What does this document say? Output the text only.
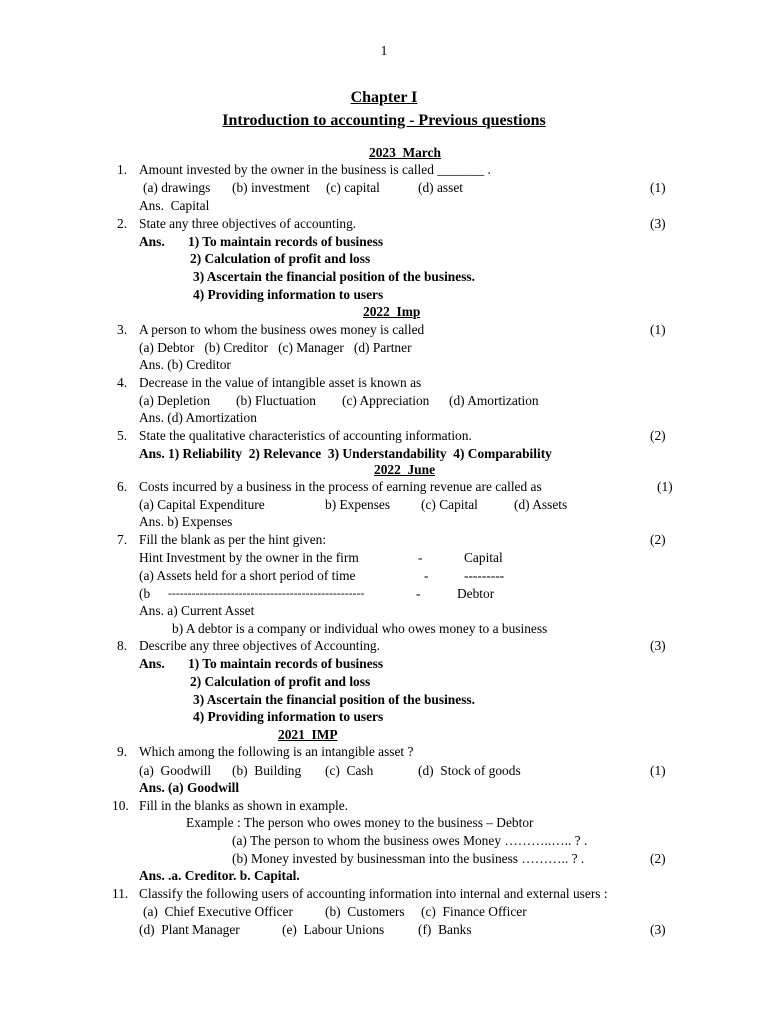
1
Chapter I
Introduction to accounting - Previous questions
2023  March
1. Amount invested by the owner in the business is called _______ .
(a) drawings (b) investment (c) capital	(d) asset	(1)
Ans.  Capital
2. State any three objectives of accounting.	(3)
Ans. 1) To maintain records of business
2) Calculation of profit and loss
3) Ascertain the financial position of the business.
4) Providing information to users
2022  Imp
3. A person to whom the business owes money is called	(1)
(a) Debtor   (b) Creditor   (c) Manager   (d) Partner
Ans. (b) Creditor
4. Decrease in the value of intangible asset is known as
(a) Depletion (b) Fluctuation (c) Appreciation (d) Amortization
Ans. (d) Amortization
5. State the qualitative characteristics of accounting information.	(2)
Ans. 1) Reliability  2) Relevance  3) Understandability  4) Comparability
2022  June
6. Costs incurred by a business in the process of earning revenue are called as	(1)
(a) Capital Expenditure	b) Expenses (c) Capital	(d) Assets
Ans. b) Expenses
7. Fill the blank as per the hint given:	(2)
Hint Investment by the owner in the firm	-	Capital
(a) Assets held for a short period of time	-	---------
(b --------------------------------------------------	-	Debtor
Ans. a) Current Asset
b) A debtor is a company or individual who owes money to a business
8. Describe any three objectives of Accounting.	(3)
Ans. 1) To maintain records of business
2) Calculation of profit and loss
3) Ascertain the financial position of the business.
4) Providing information to users
2021  IMP
9. Which among the following is an intangible asset ?
(a)  Goodwill (b)  Building (c)  Cash	(d)  Stock of goods	(1)
Ans. (a) Goodwill
10. Fill in the blanks as shown in example.
Example : The person who owes money to the business – Debtor
(a) The person to whom the business owes Money ………..….. ? .
(b) Money invested by businessman into the business ……….. ? .	(2)
Ans. .a. Creditor. b. Capital.
11. Classify the following users of accounting information into internal and external users :
(a)  Chief Executive Officer (b)  Customers (c)  Finance Officer
(d)  Plant Manager	(e)  Labour Unions	(f)  Banks	(3)
